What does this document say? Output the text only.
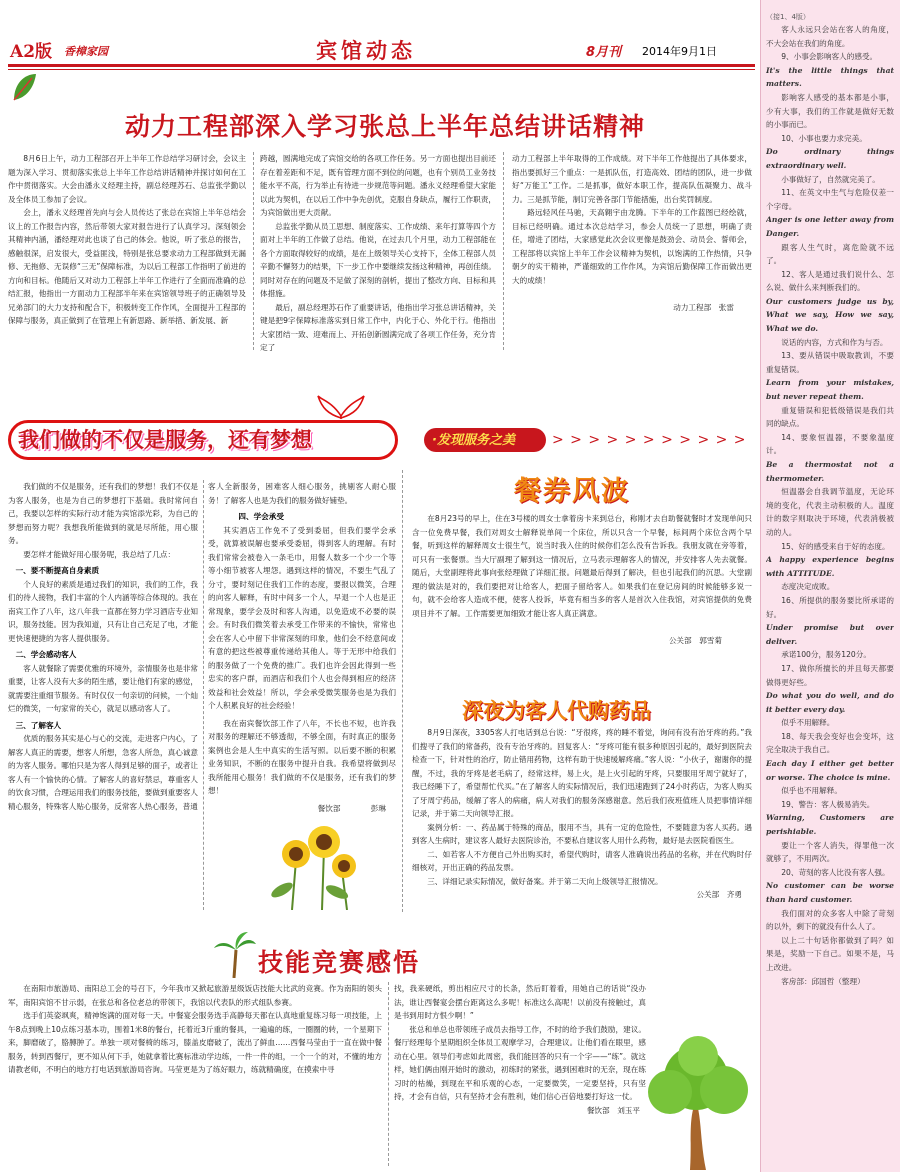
A2版 香樟家园	宾馆动态	8月刊 2014年9月1日
动力工程部深入学习张总上半年总结讲话精神

8月6日上午，动力工程部召开上半年工作总结学习研讨会，会议主题为深入学习、贯彻落实张总上半年工作总结讲话精神并探讨如何在工作中贯彻落实。大会由潘永义经理主持，副总经理苏石、总监张学勤以及全体员工参加了会议。

会上，潘永义经理首先向与会人员传达了张总在宾馆上半年总结会议上的工作报告内容，然后带领大家对报告进行了认真学习。深刻领会其精神内涵，潘经理对此也谈了自己的体会。他说，听了张总的报告，感触很深，启发很大，受益匪浅，特别是张总要求动力工程部做到无漏修、无拖修、无误修“三无”保障标准，为以后工程部工作指明了前进的方向和目标。他随后又对动力工程部上半年工作进行了全面而准确的总结汇报，他指出一方面动力工程部半年来在宾馆领导班子的正确领导及兄弟部门的大力支持和配合下，积极转变工作作风，全面提升工程部的保障与服务，真正做到了在管理上有新思路、新举措、新发展、新

跨越，圆满地完成了宾馆交给的各项工作任务。另一方面也提出目前还存在着差距和不足，既有管理方面不到位的问题，也有个别员工业务技能水平不高，行为举止有待进一步规范等问题。潘永义经理希望大家能以此为契机，在以后工作中争先创优，克服自身缺点，履行工作职责，为宾馆做出更大贡献。

总监张学勤从员工思想、制度落实、工作成绩、来年打算等四个方面对上半年的工作做了总结。他说，在过去几个月里，动力工程部能在各个方面取得较好的成绩，是在上级领导关心支持下，全体工程部人员辛勤不懈努力的结果，下一步工作中要继续发扬这种精神，再创佳绩。同时对存在的问题及不足做了深刻的剖析，提出了整改方向、目标和具体措施。

最后，副总经理苏石作了重要讲话，他指出学习张总讲话精神，关键是把9字保障标准落实到日常工作中，内化于心、外化于行。他指出大家团结一致、迎难而上、开拓创新圆满完成了各项工作任务，充分肯定了

动力工程部上半年取得的工作成绩。对下半年工作他提出了具体要求，指出要抓好三个重点：一是抓队伍，打造高效、团结的团队，进一步做好“万能工”工作。二是抓事，做好本职工作，提高队伍凝聚力、战斗力。三是抓节能，制订完善各部门节能措施，出台奖罚制度。

路远轻风任马驰，天高翱宇由龙腾。下半年的工作蓝图已经绘就，目标已经明确。通过本次总结学习，参会人员统一了思想，明确了责任，增进了团结，大家感觉此次会议更像是鼓劲会、动员会、誓师会，工程部将以宾馆上半年工作会议精神为契机，以饱满的工作热情，只争朝夕的实干精神，严谨细致的工作作风，为宾馆后勤保障工作而做出更大的成绩！

动力工程部　张雷

我们做的不仅是服务，还有梦想	·发现服务之美	> > > > > > > > > > >

我们做的不仅是服务，还有我们的梦想！我们不仅是为客人服务，也是为自己的梦想打下基础。我时常问自己，我要以怎样的实际行动才能为宾馆添光彩，为自己的梦想而努力呢？我想我所能做到的就是尽所能，用心服务。

要怎样才能做好用心服务呢，我总结了几点：

一、要不断提高自身素质

个人良好的素质是通过我们的知识，我们的工作，我们的待人接物，我们丰富的个人内涵等综合体现的。我在南宾工作了八年，这八年我一直都在努力学习酒店专业知识，服务技能。因为我知道，只有让自己充足了电，才能更快速便捷的为客人提供服务。

二、学会感动客人

客人就餐除了需要优雅的环境外，亲情服务也是非常重要，让客人没有大多的陌生感，要让他们有家的感觉，就需要注重细节服务。有时仅仅一句亲切的问候，一个灿烂的微笑，一句家常的关心，就足以感动客人了。

三、了解客人

优质的服务其实是心与心的交流，走进客户内心，了解客人真正的需要，想客人所想，急客人所急，真心诚意的为客人服务。哪怕只是为客人得到足够的面子，或者让客人有一个愉快的心情。了解客人的喜好禁忌，尊重客人的饮食习惯，合理运用我们的服务技能，要做到重要客人精心服务，特殊客人贴心服务，反常客人热心服务，普通

客人全新服务，困难客人细心服务，挑剔客人耐心服务！了解客人也是为我们的服务做好铺垫。

四、学会承受

其实酒店工作免不了受到委屈，但我们要学会承受，就算被误解也要承受委屈，得到客人的理解。有时我们常常会被卷入一条毛巾，用餐人数多一个少一个等等小细节被客人埋怨。遇到这样的情况，不要生气乱了分寸，要时刻记住我们工作的态度，要报以微笑，合理的向客人解释，有时中间多一个人，早退一个人也是正常现象，要学会及时和客人沟通，以免造成不必要的误会。有时我们微笑着去承受工作带来的不愉快，常常也会在客人心中留下非常深刻的印象，他们会不经意间或有意的把这些被尊重传递给其他人。等于无形中给我们的服务做了一个免费的推广。我们也许会因此得到一些忠实的客户群，而酒店和我们个人也会得到相应的经济效益和社会效益！所以，学会承受微笑服务也是为我们个人积累良好的社会经验！

我在南宾餐饮部工作了八年，不长也不短，也许我对服务的理解还不够透彻，不够全面，有时真正的服务案例也会是人生中真实的生活写照。以后要不断的积累业务知识，不断的在服务中提升自我。我希望将做到尽我所能用心服务！我们做的不仅是服务，还有我们的梦想！

餐饮部　　　　彭琳

餐券风波

在8月23号的早上，住在3号楼的周女士拿着房卡来到总台，称刚才去自助餐就餐时才发现单间只含一位免费早餐，我们对周女士解释说单间一个床位，所以只含一个早餐，标间两个床位含两个早餐，听到这样的解释周女士很生气，说当时我入住的时候你们怎么没有告诉我。我朋友就在旁等着，可只有一张餐票。当大厅副理了解到这一情况后，立马表示理解客人的情况，并安排客人先去就餐。随后，大堂副理将此事向张经理做了详细汇报。问题最后得到了解决，但也引起我们的沉思。大堂副理的做法是对的，我们要把对让给客人，把面子留给客人。如果我们在登记房间的时候能够多说一句，就不会给客人造成不便，使客人投诉，毕竟有相当多的客人是首次入住我馆，对宾馆提供的免费项目并不了解。工作需要更加细致才能让客人真正满意。

公关部　郭雪菊

深夜为客人代购药品

8月9日深夜，3305客人打电话到总台说：“牙很疼，疼的睡不着觉，询问有没有治牙疼的药。”我们搜寻了我们的常备药，没有专治牙疼的。回复客人：“牙疼可能有很多种原因引起的，最好到医院去检查一下，针对性的治疗，防止错用药物，这样有助于快速缓解疼痛。”客人说：“小伙子，谢谢你的提醒，不过，我的牙疼是老毛病了，经常这样，易上火，是上火引起的牙疼，只要服用牙周宁就好了，我已经睡下了，希望帮忙代买。”在了解客人的实际情况后，我们迅速跑到了24小时药店，为客人购买了牙周宁药品，缓解了客人的病痛，病人对我们的服务深感谢意。然后我们夜班值班人员把事情详细记录，并于第二天向领导汇报。

案例分析：一、药品属于特殊的商品，服用不当，具有一定的危险性，不要随意为客人买药。遇到客人生病时，建议客人最好去医院诊治，不要私自建议客人用什么药物，最好是去医院看医生。

二、如若客人不方便自己外出购买时，希望代购时，请客人准确说出药品的名称，并在代购时仔细核对，开出正确的药品发票。

三、详细记录实际情况，做好备案。并于第二天向上级领导汇报情况。

公关部　齐勇

技能竞赛感悟

在南阳市旅游局、南阳总工会的号召下，今年我市又掀起旅游星级饭店技能大比武的竞赛。作为南阳的领头军，南阳宾馆不甘示弱，在张总和各位老总的带领下，我馆以代表队的形式组队参赛。

选手们英姿飒爽，精神饱满的面对每一天。中餐宴会服务选手高静每天都在认真地重复练习每一项技能，上午8点到晚上10点练习基本功，围着1米8的餐台，托着近3斤重的餐具，一遍遍的练，一圈圈的转，一个星期下来，脚磨破了，胳膊肿了。单独一项对餐椅的练习，膝盖皮磨破了，流出了鲜血……西餐马莹由于一直在做中餐服务，转到西餐厅，更不知从何下手，她就拿着比赛标准动学边练，一件一件的组，一个一个的对，不懂的地方请教老师，不明白的地方打电话到旅游局咨询。马莹更是为了练好眼力，练就精确度，在摸索中寻

找，我来硬纸，剪出相应尺寸的长条，然后盯着看，用她自己的话说“没办法，谁让西餐宴会摆台距离这么多呢！标准这么高呢！以前没有接触过，真是书到用时方恨少啊！”

张总和单总也带领班子成员去指导工作，不时的给予我们鼓励，建议。餐厅经理每个星期组织全体员工观摩学习，合理建议。让他们看在眼里，感动在心里。领导们考虑如此周密，我们能回答的只有一个字——“练”。就这样，她们俩由刚开始时的激动，初练时的紧张，遇到困难时的无奈，现在练习时的枯燥，到现在平和乐观的心态，一定要微笑，一定要坚持，只有坚持，才会有自信，只有坚持才会有胜利，她们信心百倍地要打好这一仗。

餐饮部　刘玉平

（接1、4版）

客人永远只会站在客人的角度，不大会站在我们的角度。

9、小事会影响客人的感受。

It's the little things that matters.

影响客人感受的基本都是小事，少有大事，我们的工作就是做好无数的小事而已。

10、小事也要力求完美。

Do ordinary things extraordinary well.

小事做好了，自然就完美了。

11、在英文中生气与危险仅差一个字母。

Anger is one letter away from Danger.

跟客人生气时，离危险就不远了。

12、客人是通过我们说什么、怎么说、做什么来判断我们的。

Our customers judge us by, What we say, How we say, What we do.

说话的内容，方式和作为与否。

13、要从错误中吸取教训，不要重复错误。

Learn from your mistakes, but never repeat them.

重复错误和犯低级错误是我们共同的缺点。

14、要象恒温器，不要象温度计。

Be a thermostat not a thermometer.

恒温器会自我调节温度，无论环境的变化，代表主动积极的人。温度计的数字则取决于环境，代表消极被动的人。

15、好的感受来自于好的态度。

A happy experience begins with ATTITUDE.

态度决定成败。

16、所提供的服务要比所承诺的好。

Under promise but over deliver.

承诺100分，服务120分。

17、做你所擅长的并且每天都要做得更好些。

Do what you do well, and do it better every day.

似乎不用解释。

18、每天我会变好也会变坏，这完全取决于我自己。

Each day I either get better or worse. The choice is mine.

似乎也不用解释。

19、警告：客人极易消失。

Warning, Customers are perishiable.

要让一个客人消失，得罪他一次就够了，不用两次。

20、苛刻的客人比没有客人强。

No customer can be worse than hard customer.

我们面对的众多客人中除了苛刻的以外，剩下的就没有什么人了。

以上二十句话你都做到了吗？如果是，奖励一下自己。如果不是，马上改进。

客房部：邱国哲（整理）
